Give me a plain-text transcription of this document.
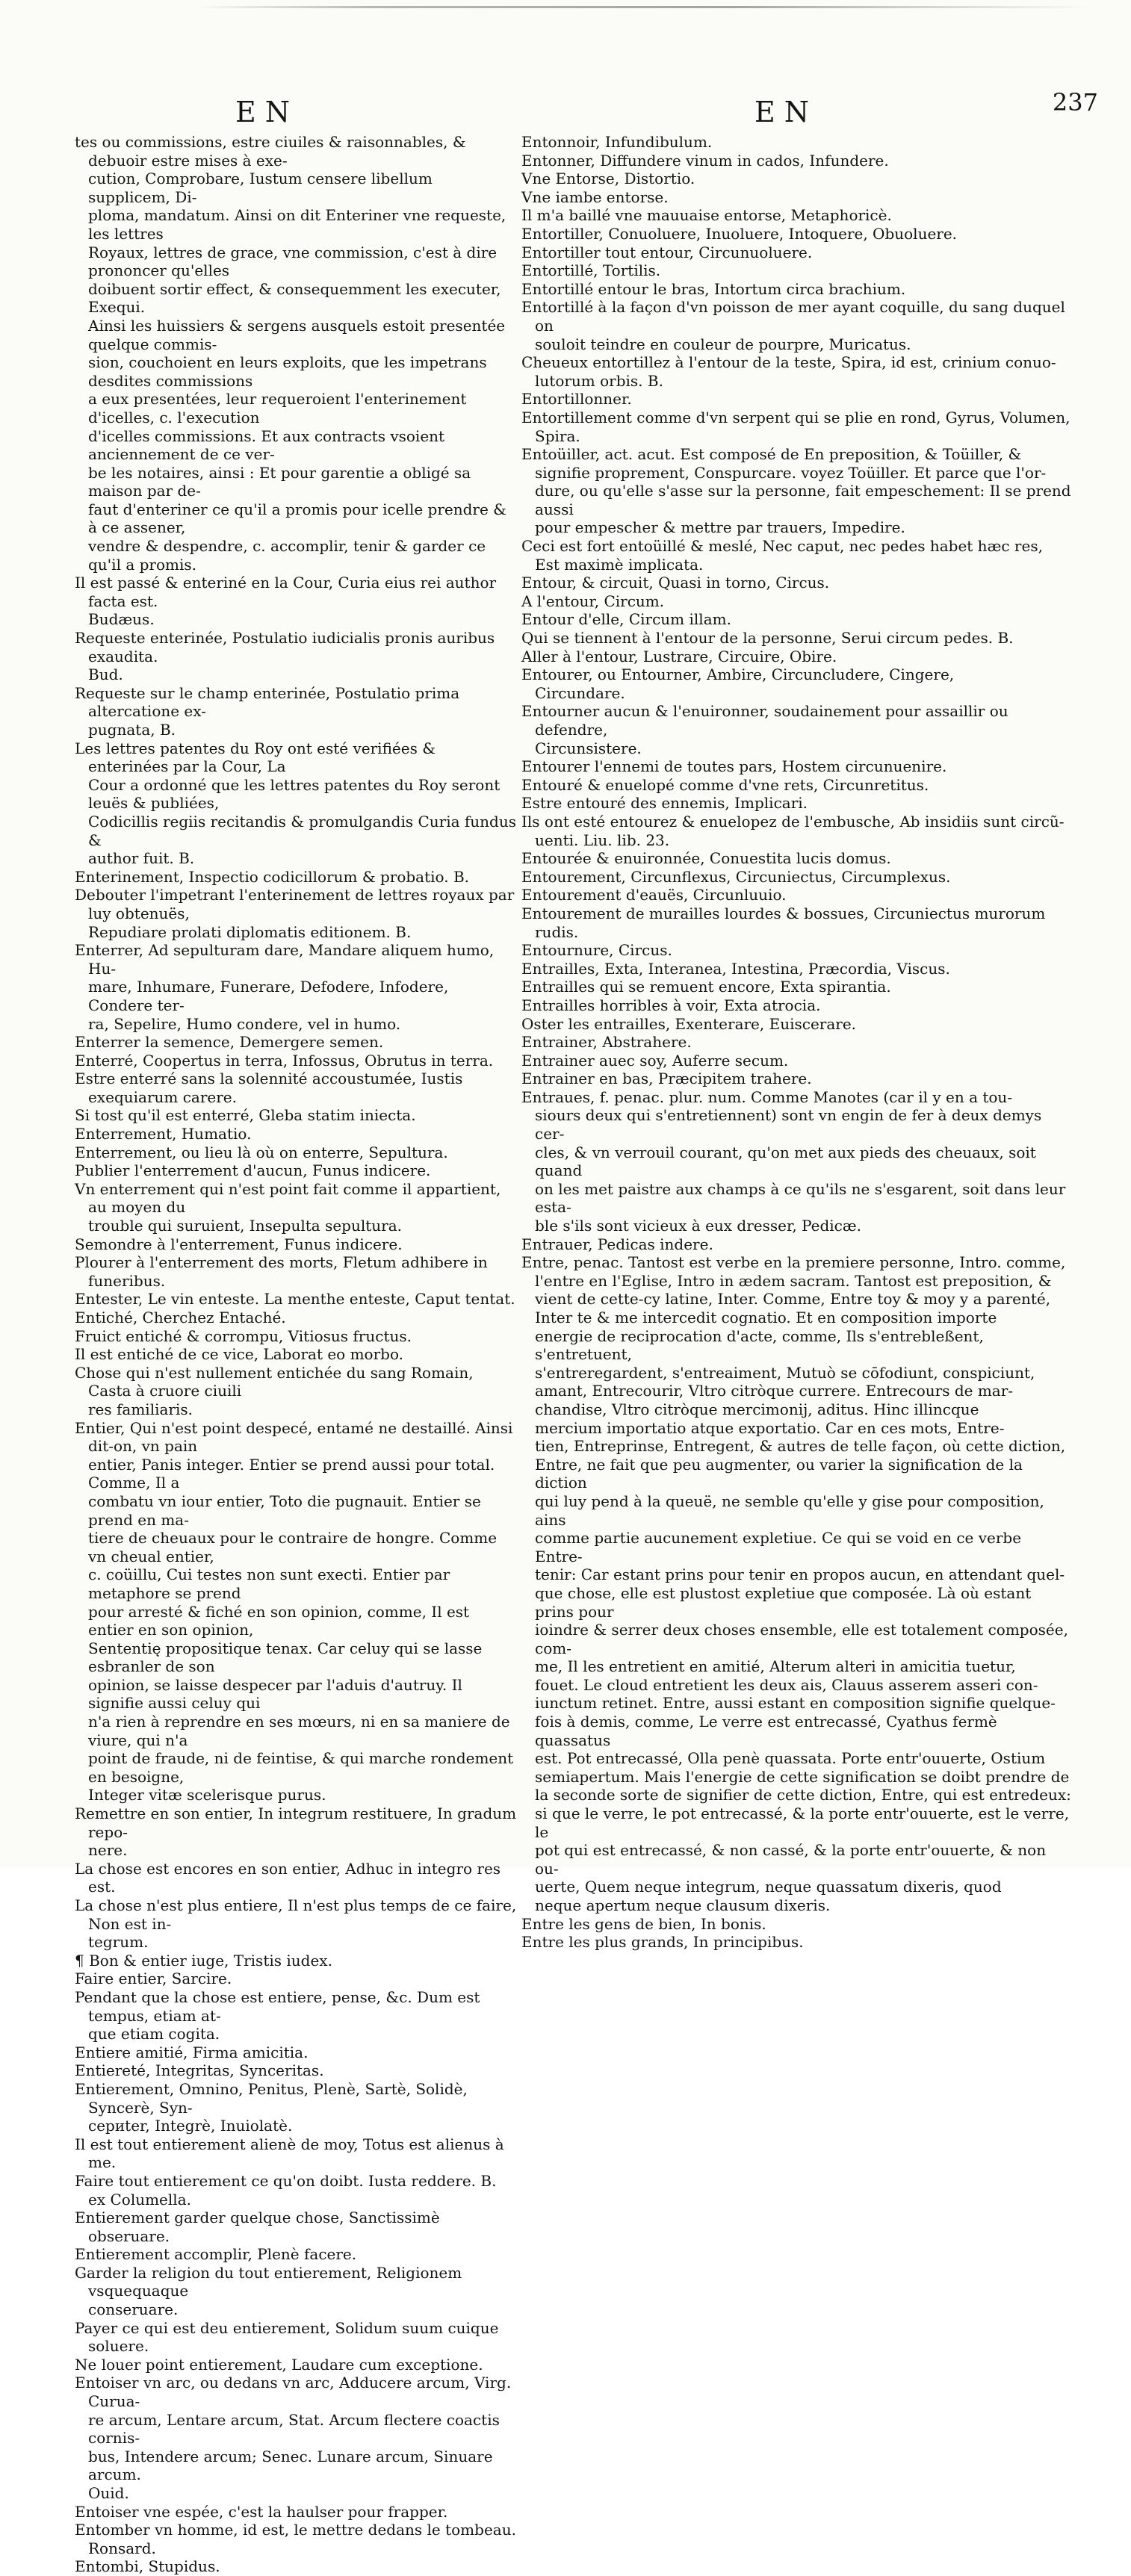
EN	EN	237

tes ou commissions, estre ciuiles & raisonnables, & debuoir estre mises à exe-
cution, Comprobare, Iustum censere libellum supplicem, Di-
ploma, mandatum. Ainsi on dit Enteriner vne requeste, les lettres
Royaux, lettres de grace, vne commission, c'est à dire prononcer qu'elles
doibuent sortir effect, & consequemment les executer, Exequi.
Ainsi les huissiers & sergens ausquels estoit presentée quelque commis-
sion, couchoient en leurs exploits, que les impetrans desdites commissions
a eux presentées, leur requeroient l'enterinement d'icelles, c. l'execution
d'icelles commissions. Et aux contracts vsoient anciennement de ce ver-
be les notaires, ainsi : Et pour garentie a obligé sa maison par de-
faut d'enteriner ce qu'il a promis pour icelle prendre & à ce assener,
vendre & despendre, c. accomplir, tenir & garder ce qu'il a promis.

Il est passé & enteriné en la Cour, Curia eius rei author facta est.
Budæus.

Requeste enterinée, Postulatio iudicialis pronis auribus exaudita.
Bud.

Requeste sur le champ enterinée, Postulatio prima altercatione ex-
pugnata, B.

Les lettres patentes du Roy ont esté verifiées & enterinées par la Cour, La
Cour a ordonné que les lettres patentes du Roy seront leuës & publiées,
Codicillis regiis recitandis & promulgandis Curia fundus &
author fuit. B.

Enterinement, Inspectio codicillorum & probatio. B.

Debouter l'impetrant l'enterinement de lettres royaux par luy obtenuës,
Repudiare prolati diplomatis editionem. B.

Enterrer, Ad sepulturam dare, Mandare aliquem humo, Hu-
mare, Inhumare, Funerare, Defodere, Infodere, Condere ter-
ra, Sepelire, Humo condere, vel in humo.

Enterrer la semence, Demergere semen.

Enterré, Coopertus in terra, Infossus, Obrutus in terra.

Estre enterré sans la solennité accoustumée, Iustis exequiarum carere.

Si tost qu'il est enterré, Gleba statim iniecta.

Enterrement, Humatio.

Enterrement, ou lieu là où on enterre, Sepultura.

Publier l'enterrement d'aucun, Funus indicere.

Vn enterrement qui n'est point fait comme il appartient, au moyen du
trouble qui suruient, Insepulta sepultura.

Semondre à l'enterrement, Funus indicere.

Plourer à l'enterrement des morts, Fletum adhibere in funeribus.

Entester, Le vin enteste. La menthe enteste, Caput tentat.

Entiché, Cherchez Entaché.

Fruict entiché & corrompu, Vitiosus fructus.

Il est entiché de ce vice, Laborat eo morbo.

Chose qui n'est nullement entichée du sang Romain, Casta à cruore ciuili
res familiaris.

Entier, Qui n'est point despecé, entamé ne destaillé. Ainsi dit-on, vn pain
entier, Panis integer. Entier se prend aussi pour total. Comme, Il a
combatu vn iour entier, Toto die pugnauit. Entier se prend en ma-
tiere de cheuaux pour le contraire de hongre. Comme vn cheual entier,
c. coüillu, Cui testes non sunt execti. Entier par metaphore se prend
pour arresté & fiché en son opinion, comme, Il est entier en son opinion,
Sententię propositique tenax. Car celuy qui se lasse esbranler de son
opinion, se laisse despecer par l'aduis d'autruy. Il signifie aussi celuy qui
n'a rien à reprendre en ses mœurs, ni en sa maniere de viure, qui n'a
point de fraude, ni de feintise, & qui marche rondement en besoigne,
Integer vitæ scelerisque purus.

Remettre en son entier, In integrum restituere, In gradum repo-
nere.

La chose est encores en son entier, Adhuc in integro res est.

La chose n'est plus entiere, Il n'est plus temps de ce faire, Non est in-
tegrum.

¶ Bon & entier iuge, Tristis iudex.

Faire entier, Sarcire.

Pendant que la chose est entiere, pense, &c. Dum est tempus, etiam at-
que etiam cogita.

Entiere amitié, Firma amicitia.

Entiereté, Integritas, Synceritas.

Entierement, Omnino, Penitus, Plenè, Sartè, Solidè, Syncerè, Syn-
cериter, Integrè, Inuiolatè.

Il est tout entierement alienè de moy, Totus est alienus à me.

Faire tout entierement ce qu'on doibt. Iusta reddere. B. ex Columella.

Entierement garder quelque chose, Sanctissimè obseruare.

Entierement accomplir, Plenè facere.

Garder la religion du tout entierement, Religionem vsquequaque
conseruare.

Payer ce qui est deu entierement, Solidum suum cuique soluere.

Ne louer point entierement, Laudare cum exceptione.

Entoiser vn arc, ou dedans vn arc, Adducere arcum, Virg. Curua-
re arcum, Lentare arcum, Stat. Arcum flectere coactis cornis-
bus, Intendere arcum; Senec. Lunare arcum, Sinuare arcum.
Ouid.

Entoiser vne espée, c'est la haulser pour frapper.

Entomber vn homme, id est, le mettre dedans le tombeau. Ronsard.

Entombi, Stupidus.

Entonnoir, Infundibulum.

Entonner, Diffundere vinum in cados, Infundere.

Vne Entorse, Distortio.

Vne iambe entorse.

Il m'a baillé vne mauuaise entorse, Metaphoricè.

Entortiller, Conuoluere, Inuoluere, Intoquere, Obuoluere.

Entortiller tout entour, Circunuoluere.

Entortillé, Tortilis.

Entortillé entour le bras, Intortum circa brachium.

Entortillé à la façon d'vn poisson de mer ayant coquille, du sang duquel on
souloit teindre en couleur de pourpre, Muricatus.

Cheueux entortillez à l'entour de la teste, Spira, id est, crinium conuo-
lutorum orbis. B.

Entortillonner.

Entortillement comme d'vn serpent qui se plie en rond, Gyrus, Volumen,
Spira.

Entoüiller, act. acut. Est composé de En preposition, & Toüiller, &
signifie proprement, Conspurcare. voyez Toüiller. Et parce que l'or-
dure, ou qu'elle s'asse sur la personne, fait empeschement: Il se prend aussi
pour empescher & mettre par trauers, Impedire.

Ceci est fort entoüillé & meslé, Nec caput, nec pedes habet hæc res,
Est maximè implicata.

Entour, & circuit, Quasi in torno, Circus.

A l'entour, Circum.

Entour d'elle, Circum illam.

Qui se tiennent à l'entour de la personne, Serui circum pedes. B.

Aller à l'entour, Lustrare, Circuire, Obire.

Entourer, ou Entourner, Ambire, Circuncludere, Cingere,
Circundare.

Entourner aucun & l'enuironner, soudainement pour assaillir ou defendre,
Circunsistere.

Entourer l'ennemi de toutes pars, Hostem circunuenire.

Entouré & enuelopé comme d'vne rets, Circunretitus.

Estre entouré des ennemis, Implicari.

Ils ont esté entourez & enuelopez de l'embusche, Ab insidiis sunt circũ-
uenti. Liu. lib. 23.

Entourée & enuironnée, Conuestita lucis domus.

Entourement, Circunflexus, Circuniectus, Circumplexus.

Entourement d'eauës, Circunluuio.

Entourement de murailles lourdes & bossues, Circuniectus murorum
rudis.

Entournure, Circus.

Entrailles, Exta, Interanea, Intestina, Præcordia, Viscus.

Entrailles qui se remuent encore, Exta spirantia.

Entrailles horribles à voir, Exta atrocia.

Oster les entrailles, Exenterare, Euiscerare.

Entrainer, Abstrahere.

Entrainer auec soy, Auferre secum.

Entrainer en bas, Præcipitem trahere.

Entraues, f. penac. plur. num. Comme Manotes (car il y en a tou-
siours deux qui s'entretiennent) sont vn engin de fer à deux demys cer-
cles, & vn verrouil courant, qu'on met aux pieds des cheuaux, soit quand
on les met paistre aux champs à ce qu'ils ne s'esgarent, soit dans leur esta-
ble s'ils sont vicieux à eux dresser, Pedicæ.

Entrauer, Pedicas indere.

Entre, penac. Tantost est verbe en la premiere personne, Intro. comme,
l'entre en l'Eglise, Intro in ædem sacram. Tantost est preposition, &
vient de cette-cy latine, Inter. Comme, Entre toy & moy y a parenté,
Inter te & me intercedit cognatio. Et en composition importe
energie de reciprocation d'acte, comme, Ils s'entrebleßent, s'entretuent,
s'entreregardent, s'entreaiment, Mutuò se cōfodiunt, conspiciunt,
amant, Entrecourir, Vltro citròque currere. Entrecours de mar-
chandise, Vltro citròque mercimonij, aditus. Hinc illincque
mercium importatio atque exportatio. Car en ces mots, Entre-
tien, Entreprinse, Entregent, & autres de telle façon, où cette diction,
Entre, ne fait que peu augmenter, ou varier la signification de la diction
qui luy pend à la queuë, ne semble qu'elle y gise pour composition, ains
comme partie aucunement expletiue. Ce qui se void en ce verbe Entre-
tenir: Car estant prins pour tenir en propos aucun, en attendant quel-
que chose, elle est plustost expletiue que composée. Là où estant prins pour
ioindre & serrer deux choses ensemble, elle est totalement composée, com-
me, Il les entretient en amitié, Alterum alteri in amicitia tuetur,
fouet. Le cloud entretient les deux ais, Clauus asserem asseri con-
iunctum retinet. Entre, aussi estant en composition signifie quelque-
fois à demis, comme, Le verre est entrecassé, Cyathus fermè quassatus
est. Pot entrecassé, Olla penè quassata. Porte entr'ouuerte, Ostium
semiapertum. Mais l'energie de cette signification se doibt prendre de
la seconde sorte de signifier de cette diction, Entre, qui est entredeux:
si que le verre, le pot entrecassé, & la porte entr'ouuerte, est le verre, le
pot qui est entrecassé, & non cassé, & la porte entr'ouuerte, & non ou-
uerte, Quem neque integrum, neque quassatum dixeris, quod
neque apertum neque clausum dixeris.

Entre les gens de bien, In bonis.

Entre les plus grands, In principibus.
